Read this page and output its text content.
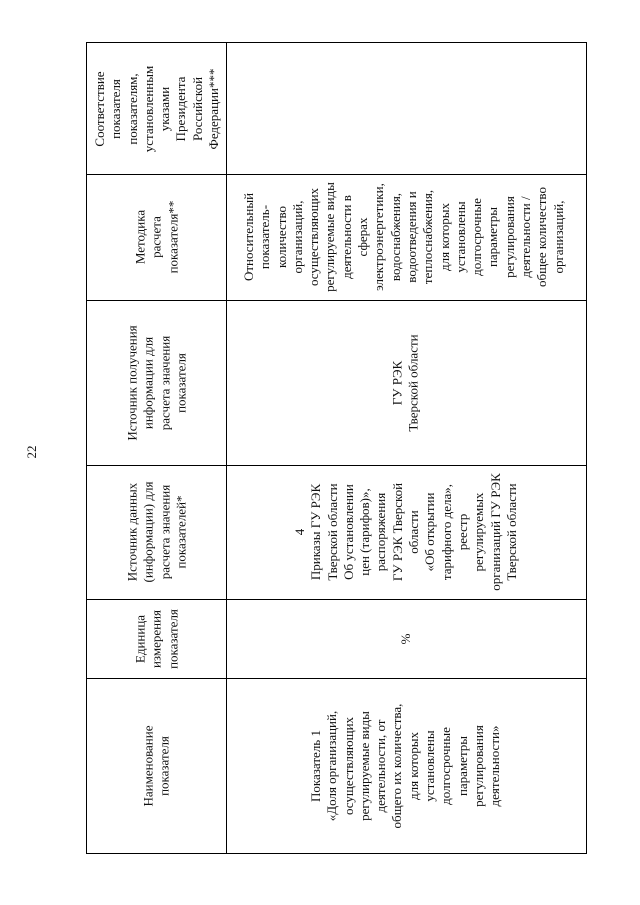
22
Соответствие
показателя
показателям,
установленным
указами
Президента
Российской
Федерации***
Методика
расчета
показателя**
Источник получения
информации для
расчета значения
показателя
Источник данных
(информации) для
расчета значения
показателей*
Единица
измерения
показателя
Наименование
показателя
Относительный
показатель-
количество
организаций,
осуществляющих
регулируемые виды
деятельности в
сферах
электроэнергетики,
водоснабжения,
водоотведения и
теплоснабжения,
для которых
установлены
долгосрочные
параметры
регулирования
деятельности /
общее количество
организаций,
ГУ РЭК
Тверской области
4
Приказы ГУ РЭК
Тверской области
Об установлении
цен (тарифов)»,
распоряжения
ГУ РЭК Тверской
области
«Об открытии
тарифного дела»,
реестр
регулируемых
организаций ГУ РЭК
Тверской области
%
Показатель 1
«Доля организаций,
осуществляющих
регулируемые виды
деятельности, от
общего их количества,
для которых
установлены
долгосрочные
параметры
регулирования
деятельности»
